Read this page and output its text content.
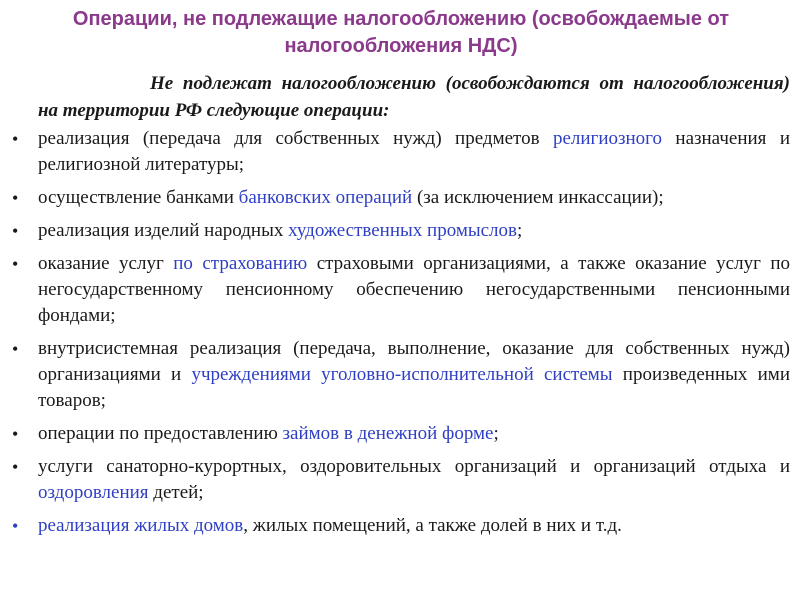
Операции, не подлежащие налогообложению (освобождаемые от налогообложения НДС)
Не подлежат налогообложению (освобождаются от налогообложения) на территории РФ следующие операции:
•	реализация (передача для собственных нужд) предметов религиозного назначения и религиозной литературы;
•	осуществление банками банковских операций (за исключением инкассации);
•	реализация изделий народных художественных промыслов;
•	оказание услуг по страхованию страховыми организациями, а также оказание услуг по негосударственному пенсионному обеспечению негосударственными пенсионными фондами;
•	внутрисистемная реализация (передача, выполнение, оказание для собственных нужд) организациями и учреждениями уголовно-исполнительной системы произведенных ими товаров;
•	операции по предоставлению займов в денежной форме;
•	услуги санаторно-курортных, оздоровительных организаций и организаций отдыха и оздоровления детей;
•	реализация жилых домов, жилых помещений, а также долей в них и т.д.
